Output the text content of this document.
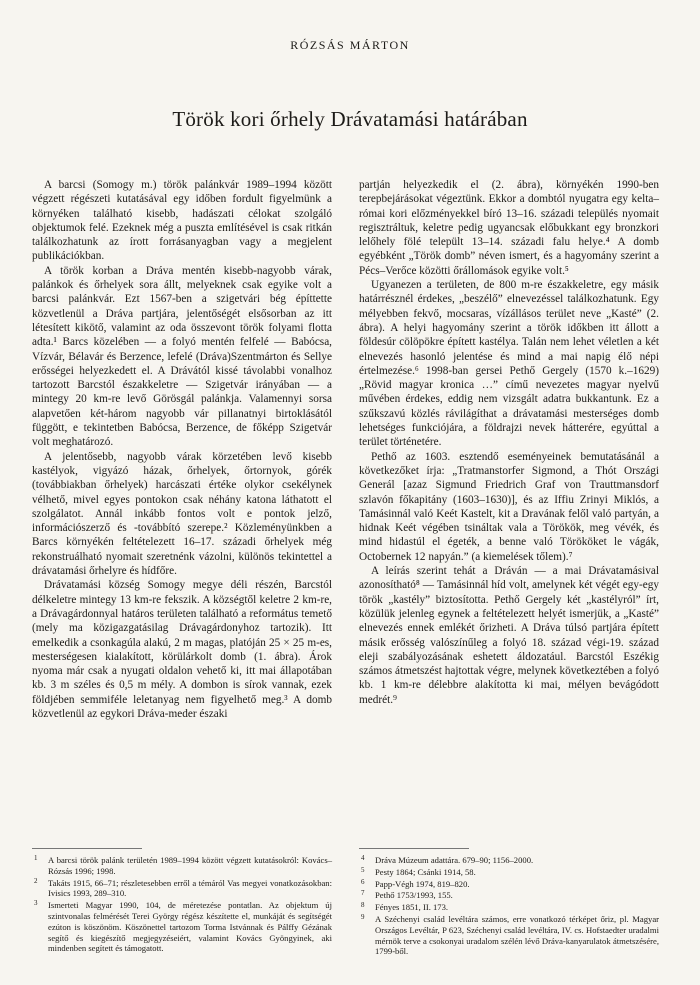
RÓZSÁS MÁRTON
Török kori őrhely Drávatamási határában

A barcsi (Somogy m.) török palánkvár 1989–1994 között végzett régészeti kutatásával egy időben fordult figyelmünk a környéken található kisebb, hadászati célokat szolgáló objektumok felé. Ezeknek még a puszta említésével is csak ritkán találkozhatunk az írott forrásanyagban vagy a megjelent publikációkban.

A török korban a Dráva mentén kisebb-nagyobb várak, palánkok és őrhelyek sora állt, melyeknek csak egyike volt a barcsi palánkvár. Ezt 1567-ben a szigetvári bég építtette közvetlenül a Dráva partjára, jelentőségét elsősorban az itt létesített kikötő, valamint az oda összevont török folyami flotta adta.¹ Barcs közelében — a folyó mentén felfelé — Babócsa, Vízvár, Bélavár és Berzence, lefelé (Dráva)Szentmárton és Sellye erősségei helyezkedett el. A Drávától kissé távolabbi vonalhoz tartozott Barcstól északkeletre — Szigetvár irányában — a mintegy 20 km-re levő Görösgál palánkja. Valamennyi sorsa alapvetően két-három nagyobb vár pillanatnyi birtoklásától függött, e tekintetben Babócsa, Berzence, de főképp Szigetvár volt meghatározó.

A jelentősebb, nagyobb várak körzetében levő kisebb kastélyok, vigyázó házak, őrhelyek, őrtornyok, górék (továbbiakban őrhelyek) harcászati értéke olykor csekélynek vélhető, mivel egyes pontokon csak néhány katona láthatott el szolgálatot. Annál inkább fontos volt e pontok jelző, információszerző és -továbbító szerepe.² Közleményünkben a Barcs környékén feltételezett 16–17. századi őrhelyek még rekonstruálható nyomait szeretnénk vázolni, különös tekintettel a drávatamási őrhelyre és hídfőre.

Drávatamási község Somogy megye déli részén, Barcstól délkeletre mintegy 13 km-re fekszik. A községtől keletre 2 km-re, a Drávagárdonnyal határos területen található a református temető (mely ma közigazgatásilag Drávagárdonyhoz tartozik). Itt emelkedik a csonkagúla alakú, 2 m magas, platóján 25 × 25 m-es, mesterségesen kialakított, körülárkolt domb (1. ábra). Árok nyoma már csak a nyugati oldalon vehető ki, itt mai állapotában kb. 3 m széles és 0,5 m mély. A dombon is sírok vannak, ezek földjében semmiféle leletanyag nem figyelhető meg.³ A domb közvetlenül az egykori Dráva-meder északi

partján helyezkedik el (2. ábra), környékén 1990-ben terepbejárásokat végeztünk. Ekkor a dombtól nyugatra egy kelta–római kori előzményekkel bíró 13–16. századi település nyomait regisztráltuk, keletre pedig ugyancsak előbukkant egy bronzkori lelőhely fölé települt 13–14. századi falu helye.⁴ A domb egyébként „Török domb” néven ismert, és a hagyomány szerint a Pécs–Verőce közötti őrállomások egyike volt.⁵

Ugyanezen a területen, de 800 m-re északkeletre, egy másik határrésznél érdekes, „beszélő” elnevezéssel találkozhatunk. Egy mélyebben fekvő, mocsaras, vízállásos terület neve „Kasté” (2. ábra). A helyi hagyomány szerint a török időkben itt állott a földesúr cölöpökre épített kastélya. Talán nem lehet véletlen a két elnevezés hasonló jelentése és mind a mai napig élő népi értelmezése.⁶ 1998-ban gersei Pethő Gergely (1570 k.–1629) „Rövid magyar kronica …” című nevezetes magyar nyelvű művében érdekes, eddig nem vizsgált adatra bukkantunk. Ez a szűkszavú közlés rávilágíthat a drávatamási mesterséges domb lehetséges funkciójára, a földrajzi nevek hátterére, egyúttal a terület történetére.

Pethő az 1603. esztendő eseményeinek bemutatásánál a következőket írja: „Tratmanstorfer Sigmond, a Thót Országi Generál [azaz Sigmund Friedrich Graf von Trauttmansdorf szlavón főkapitány (1603–1630)], és az Iffiu Zrinyi Miklós, a Tamásinnál való Keét Kastelt, kit a Dravának felől való partyán, a hidnak Keét végében tsináltak vala a Törökök, meg vévék, és mind hidastúl el égeték, a benne való Törököket le vágák, Octobernek 12 napyán.” (a kiemelések tőlem).⁷

A leírás szerint tehát a Dráván — a mai Drávatamásival azonosítható⁸ — Tamásinnál híd volt, amelynek két végét egy-egy török „kastély” biztosította. Pethő Gergely két „kastélyról” írt, közülük jelenleg egynek a feltételezett helyét ismerjük, a „Kasté” elnevezés ennek emlékét őrizheti. A Dráva túlsó partjára épített másik erősség valószínűleg a folyó 18. század végi-19. század eleji szabályozásának eshetett áldozatául. Barcstól Eszékig számos átmetszést hajtottak végre, melynek következtében a folyó kb. 1 km-re délebbre alakította ki mai, mélyen bevágódott medrét.⁹

1 A barcsi török palánk területén 1989–1994 között végzett kutatásokról: Kovács–Rózsás 1996; 1998.
2 Takáts 1915, 66–71; részletesebben erről a témáról Vas megyei vonatkozásokban: Ivisics 1993, 289–310.
3 Ismerteti Magyar 1990, 104, de méretezése pontatlan. Az objektum új szintvonalas felmérését Terei György régész készítette el, munkáját és segítségét ezúton is köszönöm. Köszönettel tartozom Torma Istvánnak és Pálffy Gézának segítő és kiegészítő megjegyzéseiért, valamint Kovács Gyöngyinek, aki mindenben segített és támogatott.
4 Dráva Múzeum adattára. 679–90; 1156–2000.
5 Pesty 1864; Csánki 1914, 58.
6 Papp-Végh 1974, 819–820.
7 Pethő 1753/1993, 155.
8 Fényes 1851, II. 173.
9 A Széchenyi család levéltára számos, erre vonatkozó térképet őriz, pl. Magyar Országos Levéltár, P 623, Széchenyi család levéltára, IV. cs. Hofstaedter uradalmi mérnök terve a csokonyai uradalom szélén lévő Dráva-kanyarulatok átmetszésére, 1799-ből.
